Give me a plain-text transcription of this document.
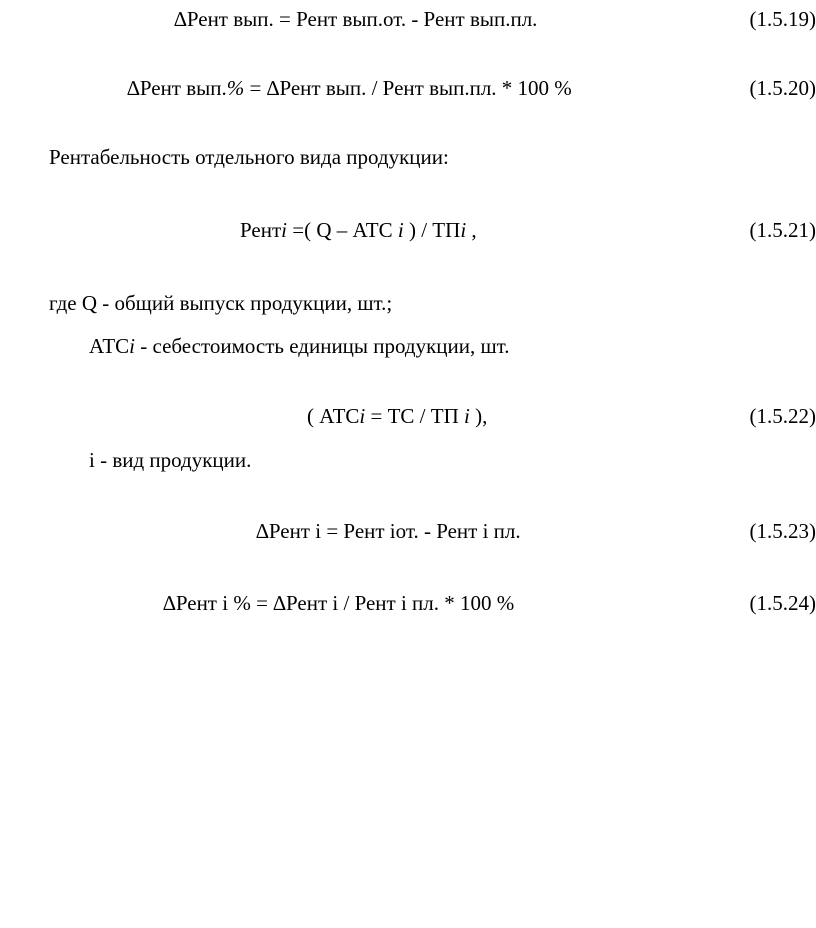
∆Рент вып. = Рент вып.от. - Рент вып.пл.	(1.5.19)
∆Рент вып.% = ∆Рент вып. / Рент вып.пл. * 100 %	(1.5.20)
Рентабельность отдельного вида продукции:
Рентi =( Q – АТС i ) / ТПi ,	(1.5.21)
где Q - общий выпуск продукции, шт.;
АТСi - себестоимость единицы продукции, шт.
( АТСi = ТС / ТП i ),	(1.5.22)
i - вид продукции.
∆Рент i = Рент iот. - Рент i пл.	(1.5.23)
∆Рент i % = ∆Рент i / Рент i пл. * 100 %	(1.5.24)
